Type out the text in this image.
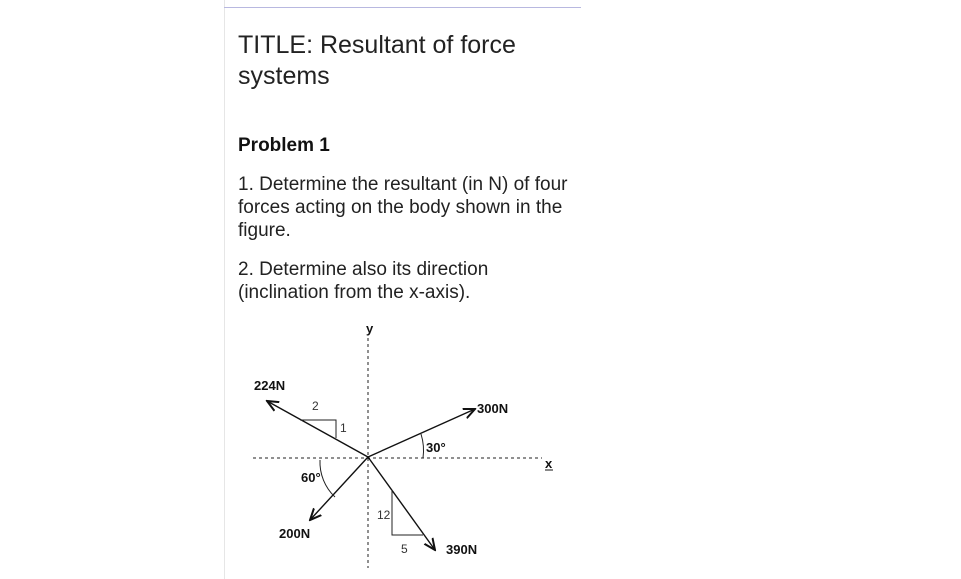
TITLE: Resultant of force systems
Problem 1
1. Determine the resultant (in N) of four forces acting on the body shown in the figure.
2. Determine also its direction (inclination from the x-axis).
y
x
224N
2
1
300N
30°
200N
60°
390N
12
5
